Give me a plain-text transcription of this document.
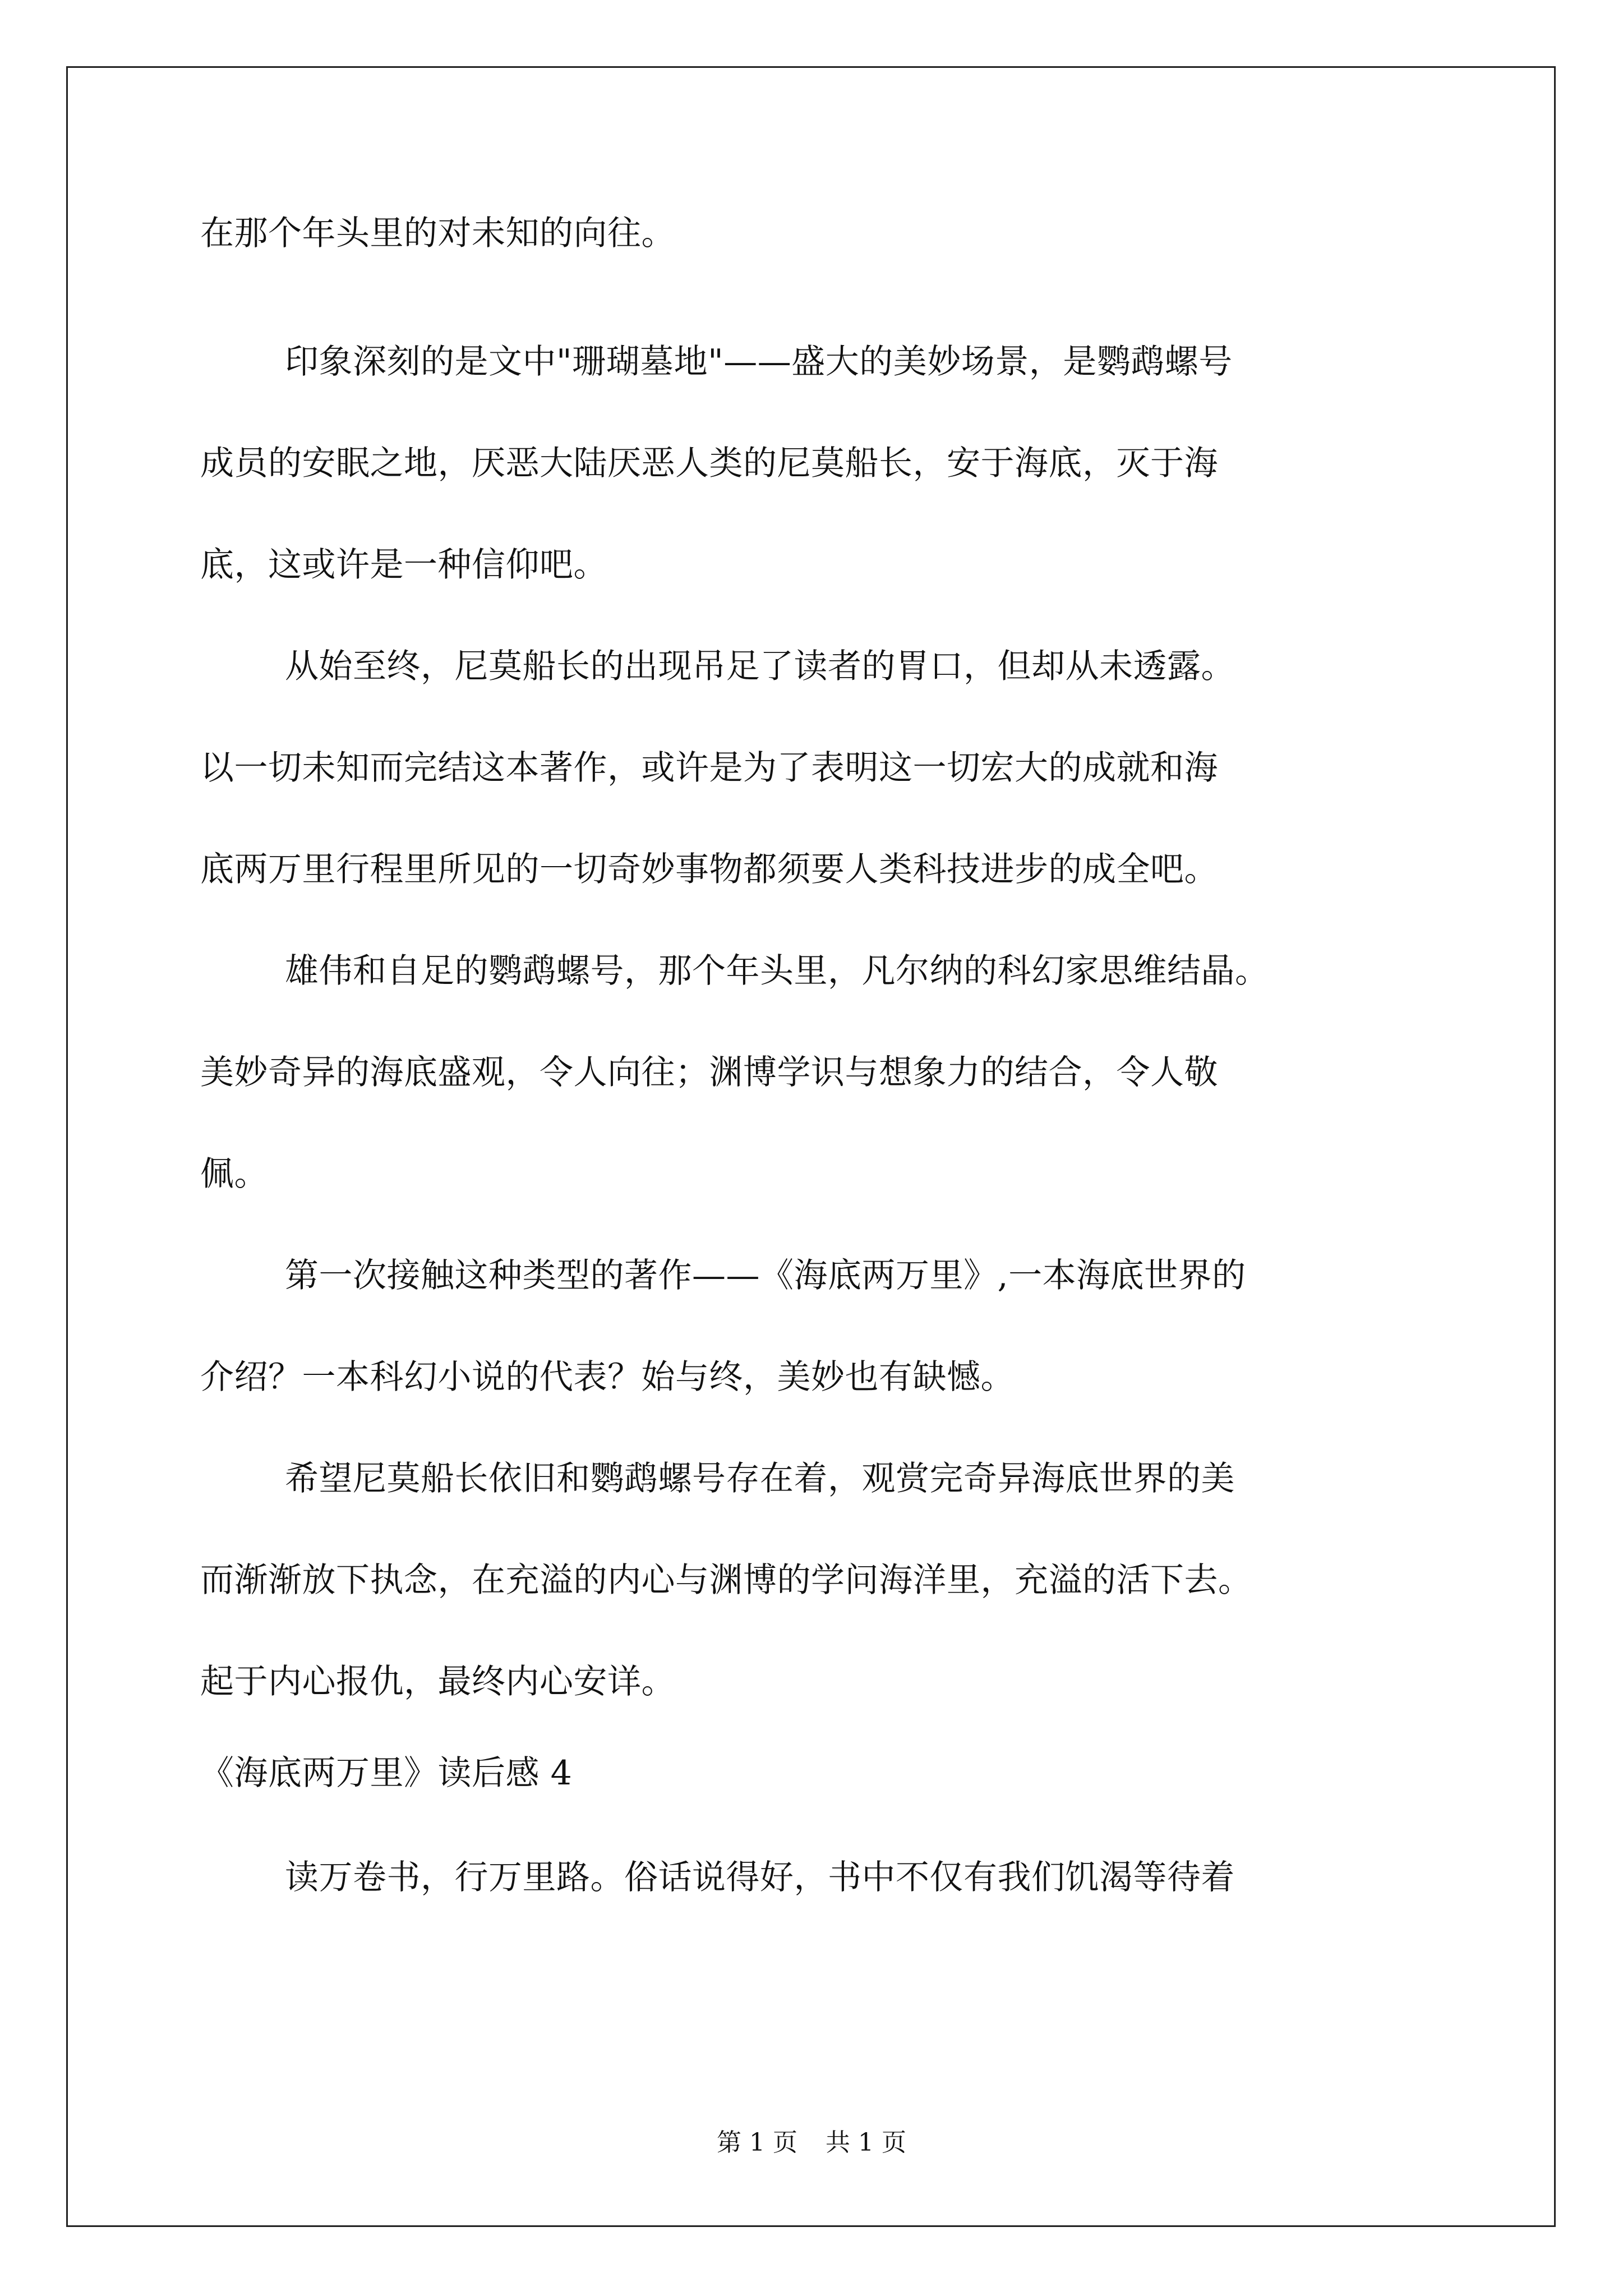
在那个年头里的对未知的向往。
印象深刻的是文中"珊瑚墓地"——盛大的美妙场景，是鹦鹉螺号
成员的安眠之地，厌恶大陆厌恶人类的尼莫船长，安于海底，灭于海
底，这或许是一种信仰吧。
从始至终，尼莫船长的出现吊足了读者的胃口，但却从未透露。
以一切未知而完结这本著作，或许是为了表明这一切宏大的成就和海
底两万里行程里所见的一切奇妙事物都须要人类科技进步的成全吧。
雄伟和自足的鹦鹉螺号，那个年头里，凡尔纳的科幻家思维结晶。
美妙奇异的海底盛观，令人向往；渊博学识与想象力的结合，令人敬
佩。
第一次接触这种类型的著作——《海底两万里》,一本海底世界的
介绍？一本科幻小说的代表？始与终，美妙也有缺憾。
希望尼莫船长依旧和鹦鹉螺号存在着，观赏完奇异海底世界的美
而渐渐放下执念，在充溢的内心与渊博的学问海洋里，充溢的活下去。
起于内心报仇，最终内心安详。
《海底两万里》读后感 4
读万卷书，行万里路。俗话说得好，书中不仅有我们饥渴等待着
第 1 页 共 1 页
